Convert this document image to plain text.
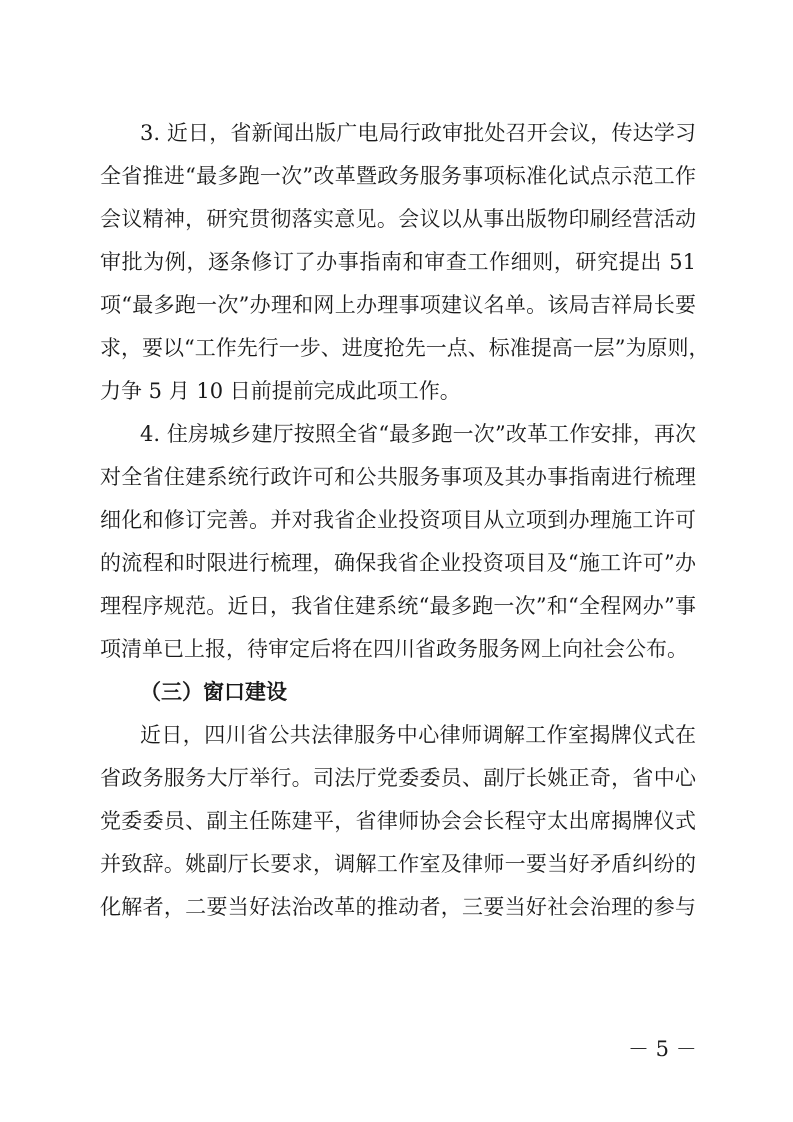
3. 近日，省新闻出版广电局行政审批处召开会议，传达学习
全省推进“最多跑一次”改革暨政务服务事项标准化试点示范工作
会议精神，研究贯彻落实意见。会议以从事出版物印刷经营活动
审批为例，逐条修订了办事指南和审查工作细则，研究提出 51
项“最多跑一次”办理和网上办理事项建议名单。该局吉祥局长要
求，要以“工作先行一步、进度抢先一点、标准提高一层”为原则，
力争 5 月 10 日前提前完成此项工作。
4. 住房城乡建厅按照全省“最多跑一次”改革工作安排，再次
对全省住建系统行政许可和公共服务事项及其办事指南进行梳理
细化和修订完善。并对我省企业投资项目从立项到办理施工许可
的流程和时限进行梳理，确保我省企业投资项目及“施工许可”办
理程序规范。近日，我省住建系统“最多跑一次”和“全程网办”事
项清单已上报，待审定后将在四川省政务服务网上向社会公布。
（三）窗口建设
近日，四川省公共法律服务中心律师调解工作室揭牌仪式在
省政务服务大厅举行。司法厅党委委员、副厅长姚正奇，省中心
党委委员、副主任陈建平，省律师协会会长程守太出席揭牌仪式
并致辞。姚副厅长要求，调解工作室及律师一要当好矛盾纠纷的
化解者，二要当好法治改革的推动者，三要当好社会治理的参与
－ 5 －
